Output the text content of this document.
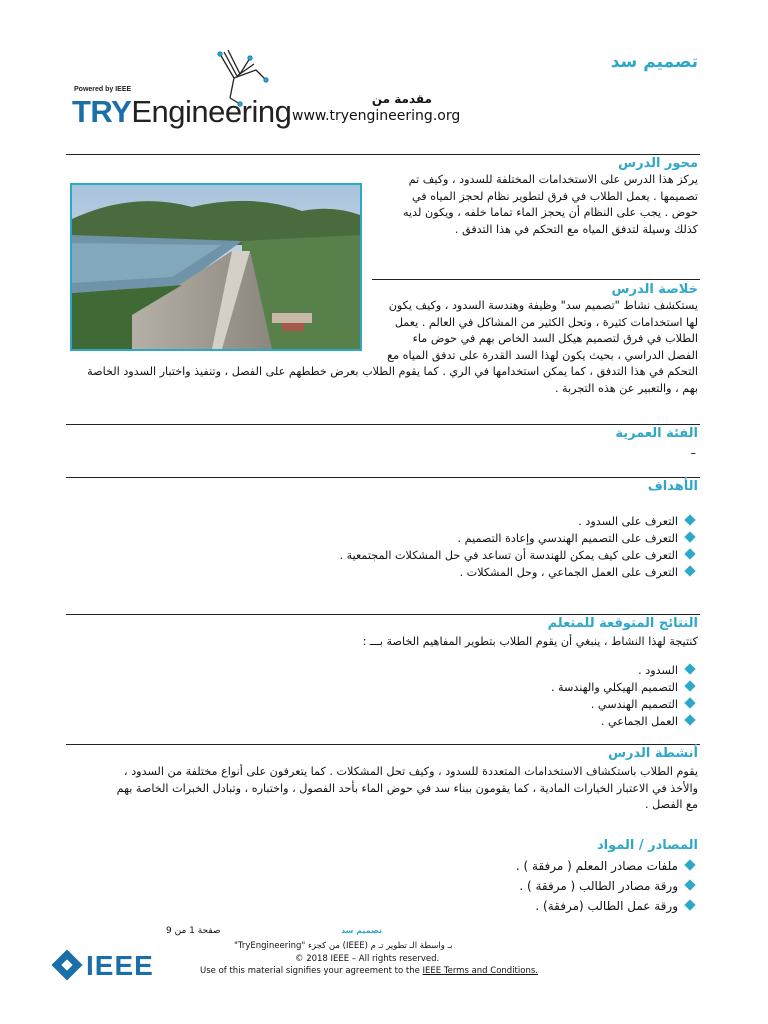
Powered by IEEE
TRYEngineering
تصميم سد
مقدمة من
www.tryengineering.org
محور الدرس
يركز هذا الدرس على الاستخدامات المختلفة للسدود ، وكيف تم
تصميمها . يعمل الطلاب في فرق لتطوير نظام لحجز المياه في
حوض . يجب على النظام أن يحجز الماء تماما خلفه ، ويكون لديه
كذلك وسيلة لتدفق المياه مع التحكم في هذا التدفق .
خلاصة الدرس
يستكشف نشاط "تصميم سد" وظيفة وهندسة السدود ، وكيف يكون
لها استخدامات كثيرة ، وتحل الكثير من المشاكل في العالم . يعمل
الطلاب في فرق لتصميم هيكل السد الخاص بهم في حوض ماء
الفصل الدراسي ، بحيث يكون لهذا السد القدرة على تدفق المياه مع
التحكم في هذا التدفق ، كما يمكن استخدامها في الري . كما يقوم الطلاب بعرض خططهم على الفصل ، وتنفيذ واختبار السدود الخاصة
بهم ، والتعبير عن هذه التجربة .
الفئة العمرية
–
الأهداف
التعرف على السدود .
التعرف على التصميم الهندسي وإعادة التصميم .
التعرف على كيف يمكن للهندسة أن تساعد في حل المشكلات المجتمعية .
التعرف على العمل الجماعي ، وحل المشكلات .
النتائج المتوقعة للمتعلم
كنتيجة لهذا النشاط ، ينبغي أن يقوم الطلاب بتطوير المفاهيم الخاصة بـــ :
السدود .
التصميم الهيكلي والهندسة .
التصميم الهندسي .
العمل الجماعي .
أنشطة الدرس
يقوم الطلاب باستكشاف الاستخدامات المتعددة للسدود ، وكيف تحل المشكلات . كما يتعرفون على أنواع مختلفة من السدود ،
والأخذ في الاعتبار الخيارات المادية ، كما يقومون ببناء سد في حوض الماء بأحد الفصول ، واختباره ، وتبادل الخبرات الخاصة بهم
مع الفصل .
المصادر / المواد
ملفات مصادر المعلم ( مرفقة ) .
ورقة مصادر الطالب ( مرفقة ) .
ورقة عمل الطالب (مرفقة) .
تصميم سد
صفحة 1 من 9
"TryEngineering" من كجزء (IEEE) بـ واسطة الـ تطوير تـ م
© 2018 IEEE – All rights reserved.
Use of this material signifies your agreement to the IEEE Terms and Conditions.
IEEE
